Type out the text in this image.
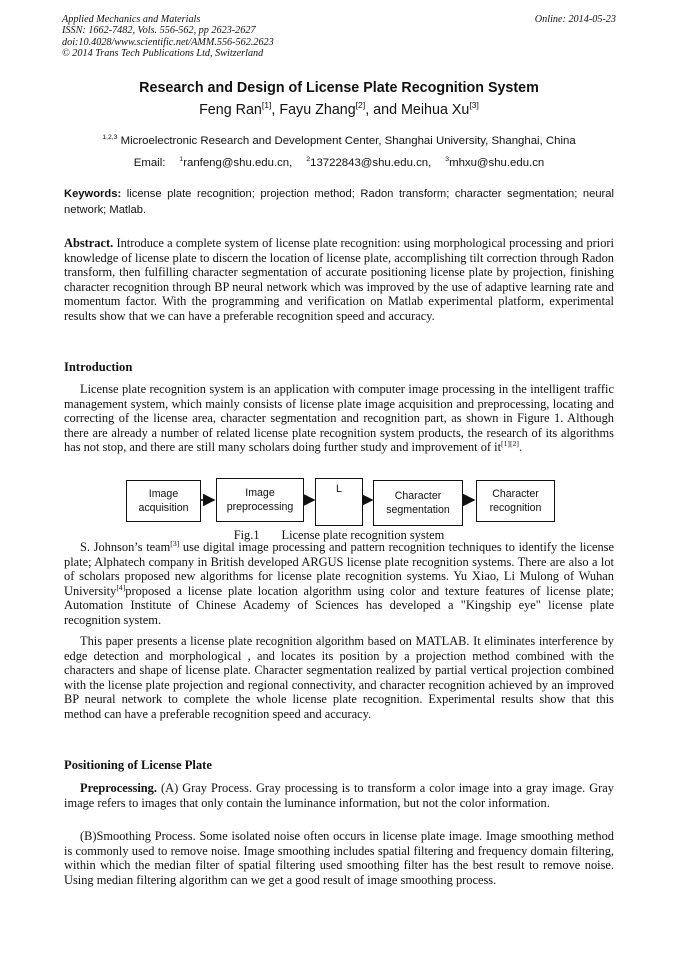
Applied Mechanics and Materials
ISSN: 1662-7482, Vols. 556-562, pp 2623-2627
doi:10.4028/www.scientific.net/AMM.556-562.2623
© 2014 Trans Tech Publications Ltd, Switzerland
Online: 2014-05-23
Research and Design of License Plate Recognition System
Feng Ran[1], Fayu Zhang[2], and Meihua Xu[3]
$^{1,2,3}$ Microelectronic Research and Development Center, Shanghai University, Shanghai, China
Email: $^1$ranfeng@shu.edu.cn, $^2$13722843@shu.edu.cn, $^3$mhxu@shu.edu.cn
Keywords: license plate recognition; projection method; Radon transform; character segmentation; neural network; Matlab.
Abstract. Introduce a complete system of license plate recognition: using morphological processing and priori knowledge of license plate to discern the location of license plate, accomplishing tilt correction through Radon transform, then fulfilling character segmentation of accurate positioning license plate by projection, finishing character recognition through BP neural network which was improved by the use of adaptive learning rate and momentum factor. With the programming and verification on Matlab experimental platform, experimental results show that we can have a preferable recognition speed and accuracy.
Introduction
License plate recognition system is an application with computer image processing in the intelligent traffic management system, which mainly consists of license plate image acquisition and preprocessing, locating and correcting of the license area, character segmentation and recognition part, as shown in Figure 1. Although there are already a number of related license plate recognition system products, the research of its algorithms has not stop, and there are still many scholars doing further study and improvement of it[1][2].
Image
acquisition
Image
preprocessing
L
Character
segmentation
Character
recognition
Fig.1 License plate recognition system
S. Johnson’s team[3] use digital image processing and pattern recognition techniques to identify the license plate; Alphatech company in British developed ARGUS license plate recognition systems. There are also a lot of scholars proposed new algorithms for license plate recognition systems. Yu Xiao, Li Mulong of Wuhan University[4]proposed a license plate location algorithm using color and texture features of license plate; Automation Institute of Chinese Academy of Sciences has developed a "Kingship eye" license plate recognition system.
This paper presents a license plate recognition algorithm based on MATLAB. It eliminates interference by edge detection and morphological , and locates its position by a projection method combined with the characters and shape of license plate. Character segmentation realized by partial vertical projection combined with the license plate projection and regional connectivity, and character recognition achieved by an improved BP neural network to complete the whole license plate recognition. Experimental results show that this method can have a preferable recognition speed and accuracy.
Positioning of License Plate
Preprocessing. (A) Gray Process. Gray processing is to transform a color image into a gray image. Gray image refers to images that only contain the luminance information, but not the color information.
(B)Smoothing Process. Some isolated noise often occurs in license plate image. Image smoothing method is commonly used to remove noise. Image smoothing includes spatial filtering and frequency domain filtering, within which the median filter of spatial filtering used smoothing filter has the best result to remove noise. Using median filtering algorithm can we get a good result of image smoothing process.
